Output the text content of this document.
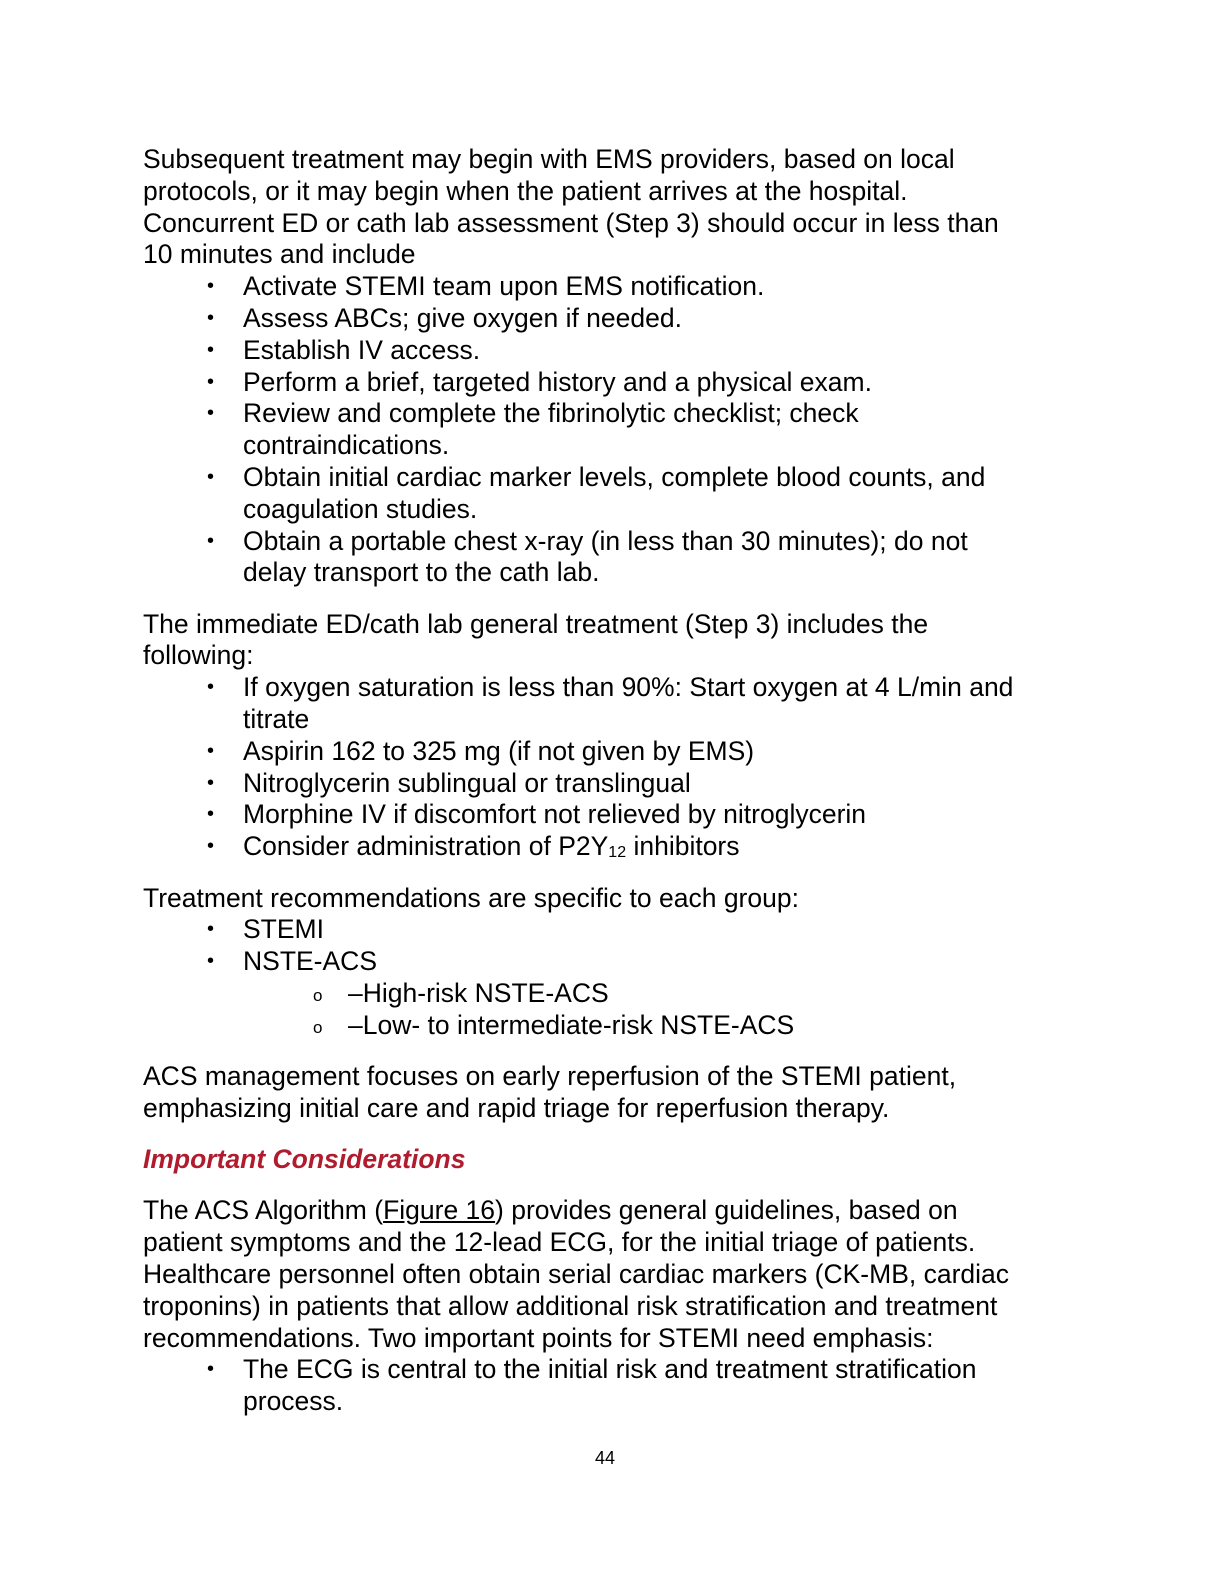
Subsequent treatment may begin with EMS providers, based on local
protocols, or it may begin when the patient arrives at the hospital.
Concurrent ED or cath lab assessment (Step 3) should occur in less than
10 minutes and include

• Activate STEMI team upon EMS notification.
• Assess ABCs; give oxygen if needed.
• Establish IV access.
• Perform a brief, targeted history and a physical exam.
• Review and complete the fibrinolytic checklist; check
contraindications.
• Obtain initial cardiac marker levels, complete blood counts, and
coagulation studies.
• Obtain a portable chest x-ray (in less than 30 minutes); do not
delay transport to the cath lab.

The immediate ED/cath lab general treatment (Step 3) includes the
following:

• If oxygen saturation is less than 90%: Start oxygen at 4 L/min and
titrate
• Aspirin 162 to 325 mg (if not given by EMS)
• Nitroglycerin sublingual or translingual
• Morphine IV if discomfort not relieved by nitroglycerin
• Consider administration of $P2Y_{12}$ inhibitors

Treatment recommendations are specific to each group:

• STEMI
• NSTE-ACS
o –High-risk NSTE-ACS
o –Low- to intermediate-risk NSTE-ACS

ACS management focuses on early reperfusion of the STEMI patient,
emphasizing initial care and rapid triage for reperfusion therapy.

Important Considerations

The ACS Algorithm (Figure 16) provides general guidelines, based on
patient symptoms and the 12-lead ECG, for the initial triage of patients.
Healthcare personnel often obtain serial cardiac markers (CK-MB, cardiac
troponins) in patients that allow additional risk stratification and treatment
recommendations. Two important points for STEMI need emphasis:

• The ECG is central to the initial risk and treatment stratification
process.
44
